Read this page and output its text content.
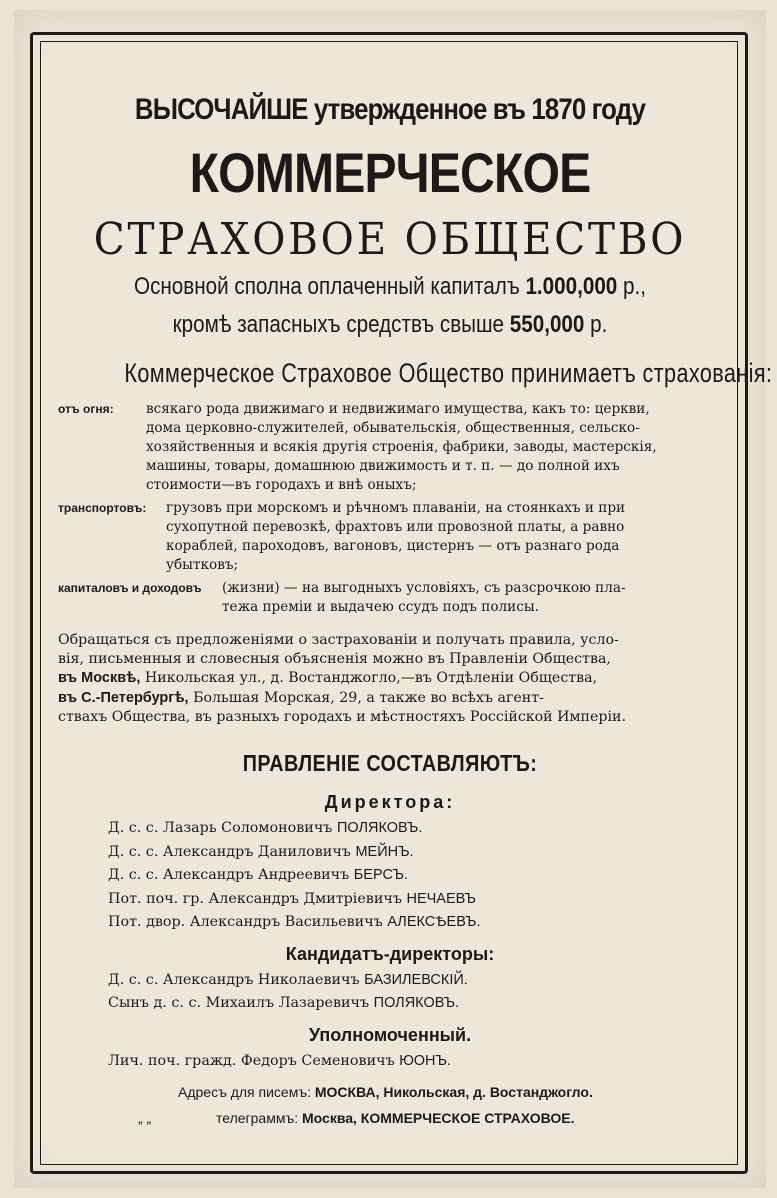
ВЫСОЧАЙШЕ утвержденное въ 1870 году
КОММЕРЧЕСКОЕ
СТРАХОВОЕ ОБЩЕСТВО
Основной сполна оплаченный капиталъ 1.000,000 р.,
кромѣ запасныхъ средствъ свыше 550,000 р.
Коммерческое Страховое Общество принимаетъ страхованія:
отъ огня:	всякаго рода движимаго и недвижимаго имущества, какъ то: церкви,
дома церковно-служителей, обывательскія, общественныя, сельско-
хозяйственныя и всякія другія строенія, фабрики, заводы, мастерскія,
машины, товары, домашнюю движимость и т. п. — до полной ихъ
стоимости—въ городахъ и внѣ оныхъ;
транспортовъ:	грузовъ при морскомъ и рѣчномъ плаваніи, на стоянкахъ и при
сухопутной перевозкѣ, фрахтовъ или провозной платы, а равно
кораблей, пароходовъ, вагоновъ, цистернъ — отъ разнаго рода
убытковъ;
капиталовъ и доходовъ	(жизни) — на выгодныхъ условіяхъ, съ разсрочкою пла-
тежа преміи и выдачею ссудъ подъ полисы.
Обращаться съ предложеніями о застрахованіи и получать правила, усло-
вія, письменныя и словесныя объясненія можно въ Правленіи Общества,
въ Москвѣ, Никольская ул., д. Востанджогло,—въ Отдѣленіи Общества,
въ С.-Петербургѣ, Большая Морская, 29, а также во всѣхъ агент-
ствахъ Общества, въ разныхъ городахъ и мѣстностяхъ Россійской Имперіи.
ПРАВЛЕНІЕ СОСТАВЛЯЮТЪ:
Директора:
Д. с. с. Лазарь Соломоновичъ ПОЛЯКОВЪ.
Д. с. с. Александръ Даниловичъ МЕЙНЪ.
Д. с. с. Александръ Андреевичъ БЕРСЪ.
Пот. поч. гр. Александръ Дмитріевичъ НЕЧАЕВЪ
Пот. двор. Александръ Васильевичъ АЛЕКСѢЕВЪ.
Кандидатъ-директоры:
Д. с. с. Александръ Николаевичъ БАЗИЛЕВСКІЙ.
Сынъ д. с. с. Михаилъ Лазаревичъ ПОЛЯКОВЪ.
Уполномоченный.
Лич. поч. гражд. Федоръ Семеновичъ ЮОНЪ.
Адресъ для писемъ: МОСКВА, Никольская, д. Востанджогло.
„ „	телеграммъ: Москва, КОММЕРЧЕСКОЕ СТРАХОВОЕ.
